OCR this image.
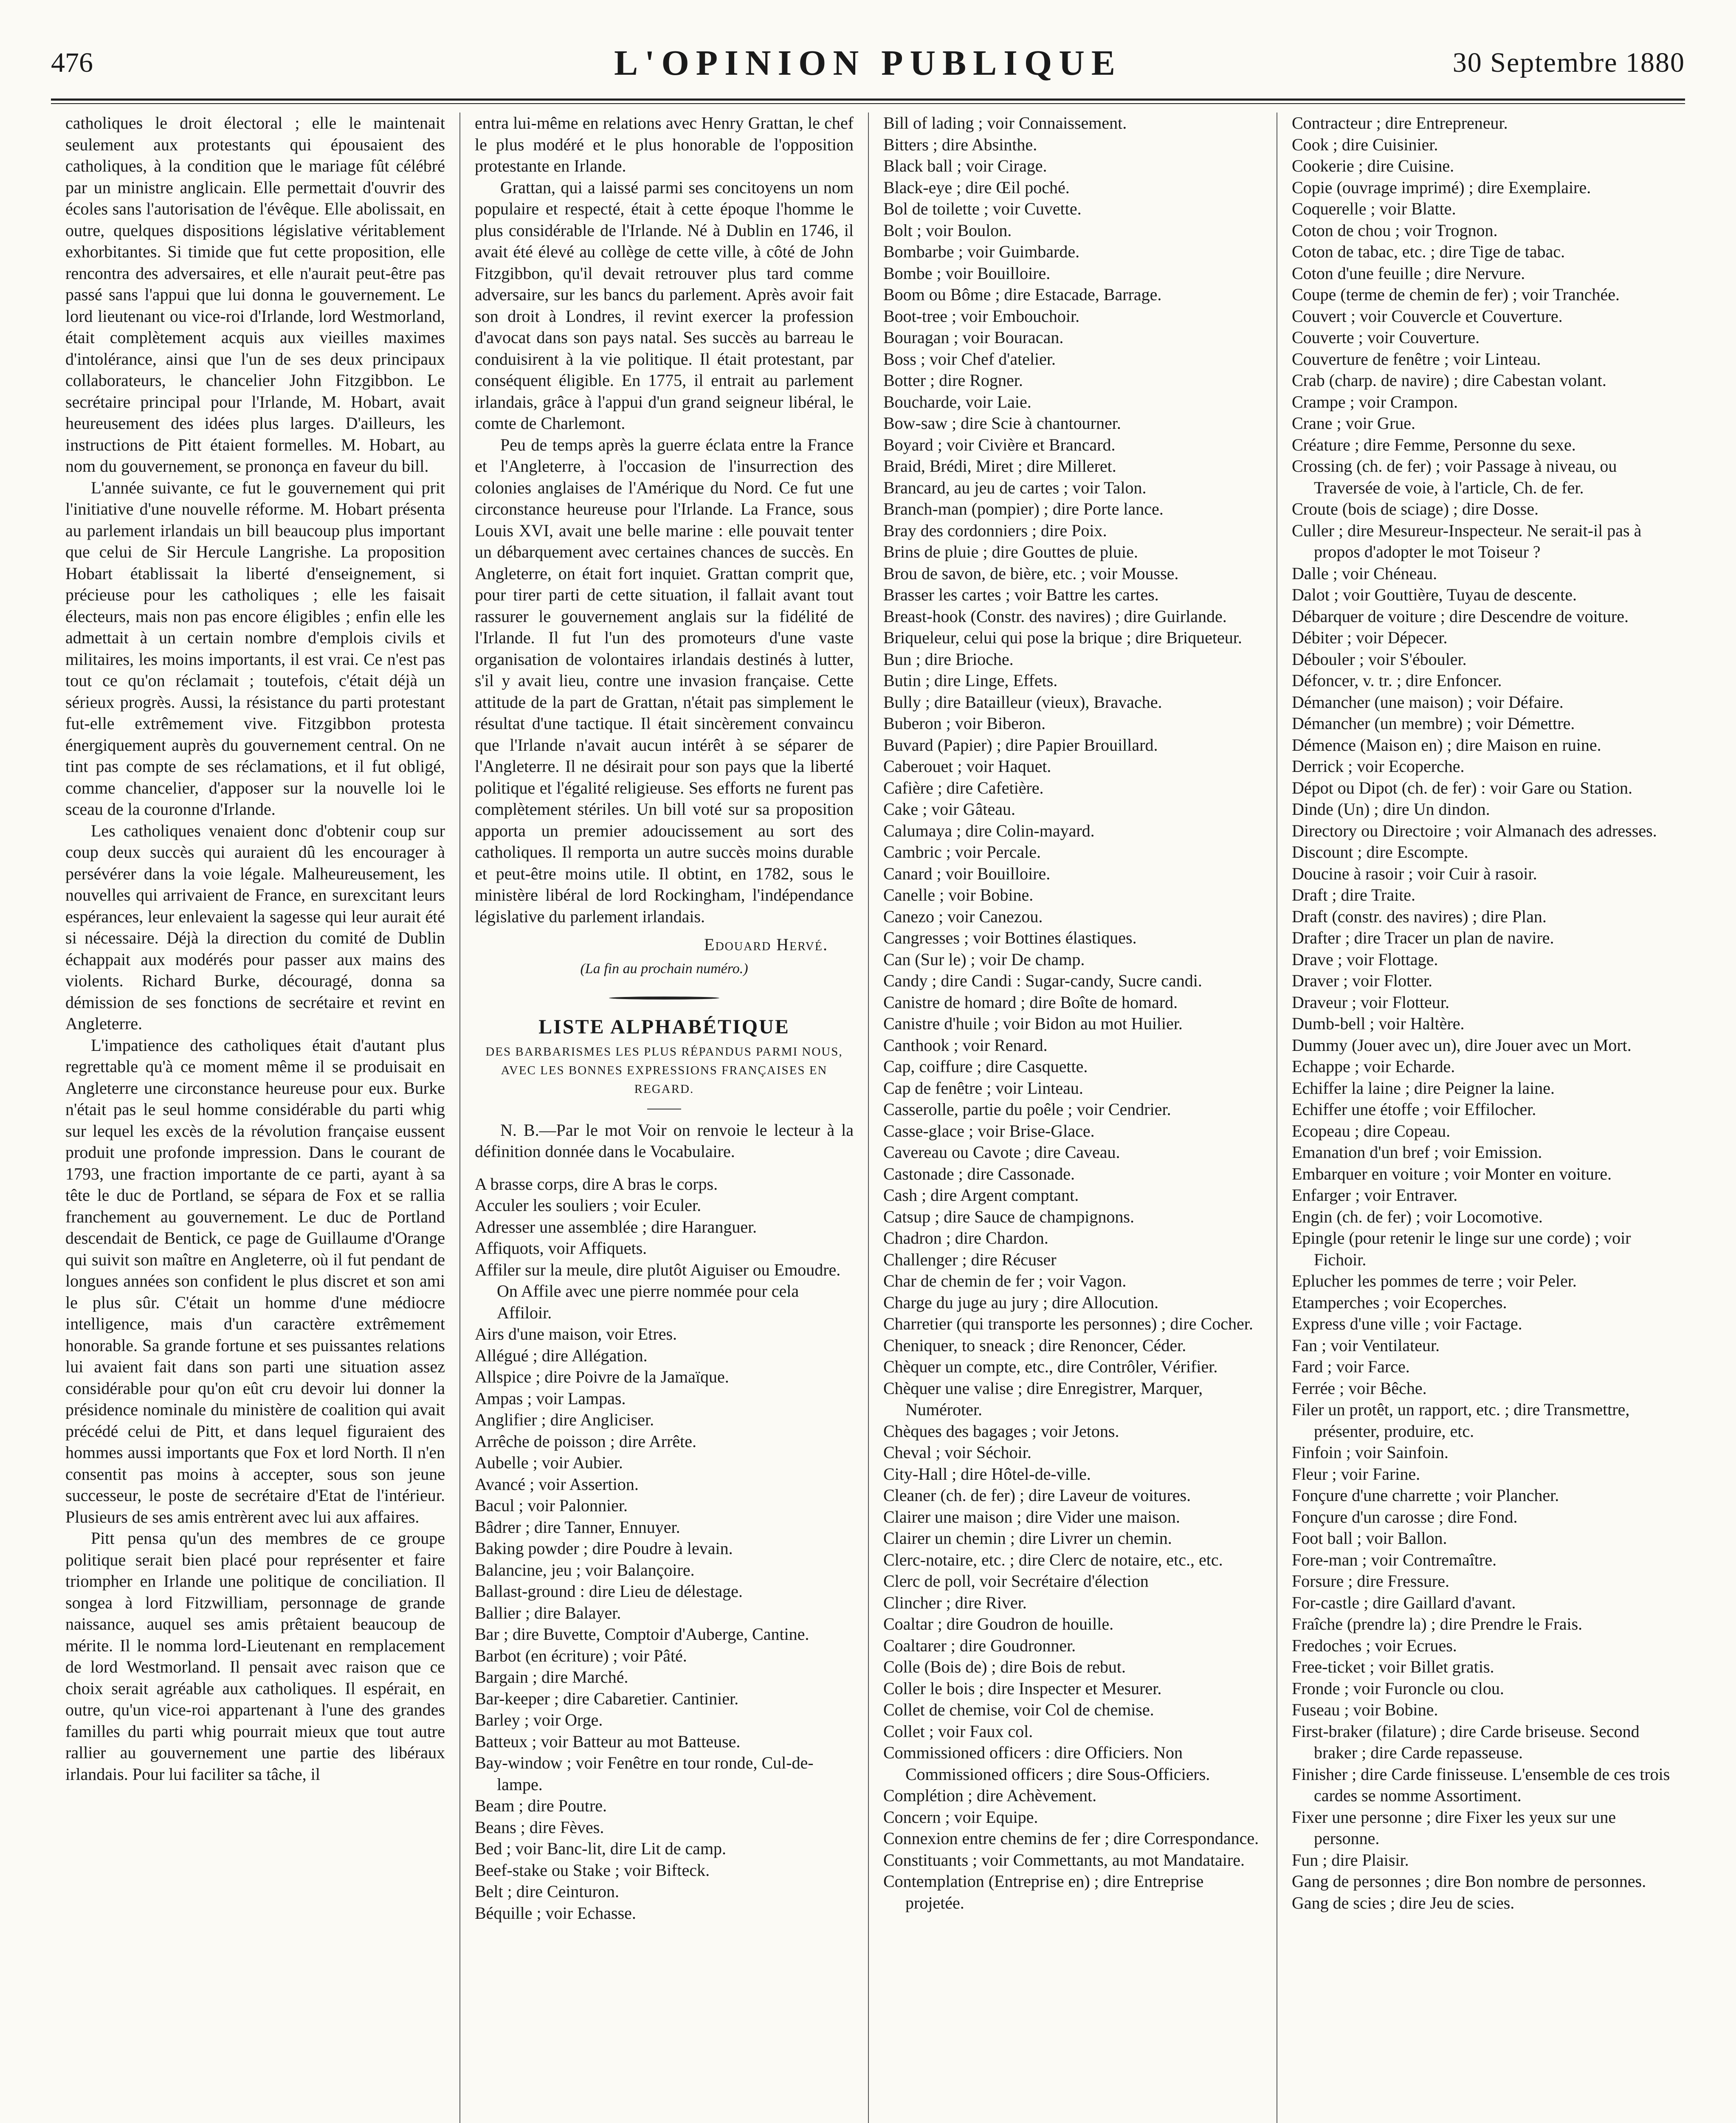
476	L'OPINION PUBLIQUE	30 Septembre 1880

catholiques le droit électoral ; elle le maintenait seulement aux protestants qui épousaient des catholiques, à la condition que le mariage fût célébré par un ministre anglicain. Elle permettait d'ouvrir des écoles sans l'autorisation de l'évêque. Elle abolissait, en outre, quelques dispositions législative véritablement exhorbitantes. Si timide que fut cette proposition, elle rencontra des adversaires, et elle n'aurait peut-être pas passé sans l'appui que lui donna le gouvernement. Le lord lieutenant ou vice-roi d'Irlande, lord Westmorland, était complètement acquis aux vieilles maximes d'intolérance, ainsi que l'un de ses deux principaux collaborateurs, le chancelier John Fitzgibbon. Le secrétaire principal pour l'Irlande, M. Hobart, avait heureusement des idées plus larges. D'ailleurs, les instructions de Pitt étaient formelles. M. Hobart, au nom du gouvernement, se prononça en faveur du bill.

L'année suivante, ce fut le gouvernement qui prit l'initiative d'une nouvelle réforme. M. Hobart présenta au parlement irlandais un bill beaucoup plus important que celui de Sir Hercule Langrishe. La proposition Hobart établissait la liberté d'enseignement, si précieuse pour les catholiques ; elle les faisait électeurs, mais non pas encore éligibles ; enfin elle les admettait à un certain nombre d'emplois civils et militaires, les moins importants, il est vrai. Ce n'est pas tout ce qu'on réclamait ; toutefois, c'était déjà un sérieux progrès. Aussi, la résistance du parti protestant fut-elle extrêmement vive. Fitzgibbon protesta énergiquement auprès du gouvernement central. On ne tint pas compte de ses réclamations, et il fut obligé, comme chancelier, d'apposer sur la nouvelle loi le sceau de la couronne d'Irlande.

Les catholiques venaient donc d'obtenir coup sur coup deux succès qui auraient dû les encourager à persévérer dans la voie légale. Malheureusement, les nouvelles qui arrivaient de France, en surexcitant leurs espérances, leur enlevaient la sagesse qui leur aurait été si nécessaire. Déjà la direction du comité de Dublin échappait aux modérés pour passer aux mains des violents. Richard Burke, découragé, donna sa démission de ses fonctions de secrétaire et revint en Angleterre.

L'impatience des catholiques était d'autant plus regrettable qu'à ce moment même il se produisait en Angleterre une circonstance heureuse pour eux. Burke n'était pas le seul homme considérable du parti whig sur lequel les excès de la révolution française eussent produit une profonde impression. Dans le courant de 1793, une fraction importante de ce parti, ayant à sa tête le duc de Portland, se sépara de Fox et se rallia franchement au gouvernement. Le duc de Portland descendait de Bentick, ce page de Guillaume d'Orange qui suivit son maître en Angleterre, où il fut pendant de longues années son confident le plus discret et son ami le plus sûr. C'était un homme d'une médiocre intelligence, mais d'un caractère extrêmement honorable. Sa grande fortune et ses puissantes relations lui avaient fait dans son parti une situation assez considérable pour qu'on eût cru devoir lui donner la présidence nominale du ministère de coalition qui avait précédé celui de Pitt, et dans lequel figuraient des hommes aussi importants que Fox et lord North. Il n'en consentit pas moins à accepter, sous son jeune successeur, le poste de secrétaire d'Etat de l'intérieur. Plusieurs de ses amis entrèrent avec lui aux affaires.

Pitt pensa qu'un des membres de ce groupe politique serait bien placé pour représenter et faire triompher en Irlande une politique de conciliation. Il songea à lord Fitzwilliam, personnage de grande naissance, auquel ses amis prêtaient beaucoup de mérite. Il le nomma lord-Lieutenant en remplacement de lord Westmorland. Il pensait avec raison que ce choix serait agréable aux catholiques. Il espérait, en outre, qu'un vice-roi appartenant à l'une des grandes familles du parti whig pourrait mieux que tout autre rallier au gouvernement une partie des libéraux irlandais. Pour lui faciliter sa tâche, il

entra lui-même en relations avec Henry Grattan, le chef le plus modéré et le plus honorable de l'opposition protestante en Irlande.

Grattan, qui a laissé parmi ses concitoyens un nom populaire et respecté, était à cette époque l'homme le plus considérable de l'Irlande. Né à Dublin en 1746, il avait été élevé au collège de cette ville, à côté de John Fitzgibbon, qu'il devait retrouver plus tard comme adversaire, sur les bancs du parlement. Après avoir fait son droit à Londres, il revint exercer la profession d'avocat dans son pays natal. Ses succès au barreau le conduisirent à la vie politique. Il était protestant, par conséquent éligible. En 1775, il entrait au parlement irlandais, grâce à l'appui d'un grand seigneur libéral, le comte de Charlemont.

Peu de temps après la guerre éclata entre la France et l'Angleterre, à l'occasion de l'insurrection des colonies anglaises de l'Amérique du Nord. Ce fut une circonstance heureuse pour l'Irlande. La France, sous Louis XVI, avait une belle marine : elle pouvait tenter un débarquement avec certaines chances de succès. En Angleterre, on était fort inquiet. Grattan comprit que, pour tirer parti de cette situation, il fallait avant tout rassurer le gouvernement anglais sur la fidélité de l'Irlande. Il fut l'un des promoteurs d'une vaste organisation de volontaires irlandais destinés à lutter, s'il y avait lieu, contre une invasion française. Cette attitude de la part de Grattan, n'était pas simplement le résultat d'une tactique. Il était sincèrement convaincu que l'Irlande n'avait aucun intérêt à se séparer de l'Angleterre. Il ne désirait pour son pays que la liberté politique et l'égalité religieuse. Ses efforts ne furent pas complètement stériles. Un bill voté sur sa proposition apporta un premier adoucissement au sort des catholiques. Il remporta un autre succès moins durable et peut-être moins utile. Il obtint, en 1782, sous le ministère libéral de lord Rockingham, l'indépendance législative du parlement irlandais.

Edouard Hervé.
(La fin au prochain numéro.)
LISTE ALPHABÉTIQUE
DES BARBARISMES LES PLUS RÉPANDUS PARMI NOUS, AVEC LES BONNES EXPRESSIONS FRANÇAISES EN REGARD.

N. B.—Par le mot Voir on renvoie le lecteur à la définition donnée dans le Vocabulaire.

A brasse corps, dire A bras le corps.
Acculer les souliers ; voir Eculer.
Adresser une assemblée ; dire Haranguer.
Affiquots, voir Affiquets.
Affiler sur la meule, dire plutôt Aiguiser ou Emoudre. On Affile avec une pierre nommée pour cela Affiloir.
Airs d'une maison, voir Etres.
Allégué ; dire Allégation.
Allspice ; dire Poivre de la Jamaïque.
Ampas ; voir Lampas.
Anglifier ; dire Angliciser.
Arrêche de poisson ; dire Arrête.
Aubelle ; voir Aubier.
Avancé ; voir Assertion.
Bacul ; voir Palonnier.
Bâdrer ; dire Tanner, Ennuyer.
Baking powder ; dire Poudre à levain.
Balancine, jeu ; voir Balançoire.
Ballast-ground : dire Lieu de délestage.
Ballier ; dire Balayer.
Bar ; dire Buvette, Comptoir d'Auberge, Cantine.
Barbot (en écriture) ; voir Pâté.
Bargain ; dire Marché.
Bar-keeper ; dire Cabaretier. Cantinier.
Barley ; voir Orge.
Batteux ; voir Batteur au mot Batteuse.
Bay-window ; voir Fenêtre en tour ronde, Cul-de-lampe.
Beam ; dire Poutre.
Beans ; dire Fèves.
Bed ; voir Banc-lit, dire Lit de camp.
Beef-stake ou Stake ; voir Bifteck.
Belt ; dire Ceinturon.
Béquille ; voir Echasse.
Bill of lading ; voir Connaissement.
Bitters ; dire Absinthe.
Black ball ; voir Cirage.
Black-eye ; dire Œil poché.
Bol de toilette ; voir Cuvette.
Bolt ; voir Boulon.
Bombarbe ; voir Guimbarde.
Bombe ; voir Bouilloire.
Boom ou Bôme ; dire Estacade, Barrage.
Boot-tree ; voir Embouchoir.
Bouragan ; voir Bouracan.
Boss ; voir Chef d'atelier.
Botter ; dire Rogner.
Boucharde, voir Laie.
Bow-saw ; dire Scie à chantourner.
Boyard ; voir Civière et Brancard.
Braid, Brédi, Miret ; dire Milleret.
Brancard, au jeu de cartes ; voir Talon.
Branch-man (pompier) ; dire Porte lance.
Bray des cordonniers ; dire Poix.
Brins de pluie ; dire Gouttes de pluie.
Brou de savon, de bière, etc. ; voir Mousse.
Brasser les cartes ; voir Battre les cartes.
Breast-hook (Constr. des navires) ; dire Guirlande.
Briqueleur, celui qui pose la brique ; dire Briqueteur.
Bun ; dire Brioche.
Butin ; dire Linge, Effets.
Bully ; dire Batailleur (vieux), Bravache.
Buberon ; voir Biberon.
Buvard (Papier) ; dire Papier Brouillard.
Caberouet ; voir Haquet.
Cafière ; dire Cafetière.
Cake ; voir Gâteau.
Calumaya ; dire Colin-mayard.
Cambric ; voir Percale.
Canard ; voir Bouilloire.
Canelle ; voir Bobine.
Canezo ; voir Canezou.
Cangresses ; voir Bottines élastiques.
Can (Sur le) ; voir De champ.
Candy ; dire Candi : Sugar-candy, Sucre candi.
Canistre de homard ; dire Boîte de homard.
Canistre d'huile ; voir Bidon au mot Huilier.
Canthook ; voir Renard.
Cap, coiffure ; dire Casquette.
Cap de fenêtre ; voir Linteau.
Casserolle, partie du poêle ; voir Cendrier.
Casse-glace ; voir Brise-Glace.
Cavereau ou Cavote ; dire Caveau.
Castonade ; dire Cassonade.
Cash ; dire Argent comptant.
Catsup ; dire Sauce de champignons.
Chadron ; dire Chardon.
Challenger ; dire Récuser
Char de chemin de fer ; voir Vagon.
Charge du juge au jury ; dire Allocution.
Charretier (qui transporte les personnes) ; dire Cocher.
Cheniquer, to sneack ; dire Renoncer, Céder.
Chèquer un compte, etc., dire Contrôler, Vérifier.
Chèquer une valise ; dire Enregistrer, Marquer, Numéroter.
Chèques des bagages ; voir Jetons.
Cheval ; voir Séchoir.
City-Hall ; dire Hôtel-de-ville.
Cleaner (ch. de fer) ; dire Laveur de voitures.
Clairer une maison ; dire Vider une maison.
Clairer un chemin ; dire Livrer un chemin.
Clerc-notaire, etc. ; dire Clerc de notaire, etc., etc.
Clerc de poll, voir Secrétaire d'élection
Clincher ; dire River.
Coaltar ; dire Goudron de houille.
Coaltarer ; dire Goudronner.
Colle (Bois de) ; dire Bois de rebut.
Coller le bois ; dire Inspecter et Mesurer.
Collet de chemise, voir Col de chemise.
Collet ; voir Faux col.
Commissioned officers : dire Officiers. Non Commissioned officers ; dire Sous-Officiers.
Complétion ; dire Achèvement.
Concern ; voir Equipe.
Connexion entre chemins de fer ; dire Correspondance.
Constituants ; voir Commettants, au mot Mandataire.
Contemplation (Entreprise en) ; dire Entreprise projetée.
Contracteur ; dire Entrepreneur.
Cook ; dire Cuisinier.
Cookerie ; dire Cuisine.
Copie (ouvrage imprimé) ; dire Exemplaire.
Coquerelle ; voir Blatte.
Coton de chou ; voir Trognon.
Coton de tabac, etc. ; dire Tige de tabac.
Coton d'une feuille ; dire Nervure.
Coupe (terme de chemin de fer) ; voir Tranchée.
Couvert ; voir Couvercle et Couverture.
Couverte ; voir Couverture.
Couverture de fenêtre ; voir Linteau.
Crab (charp. de navire) ; dire Cabestan volant.
Crampe ; voir Crampon.
Crane ; voir Grue.
Créature ; dire Femme, Personne du sexe.
Crossing (ch. de fer) ; voir Passage à niveau, ou Traversée de voie, à l'article, Ch. de fer.
Croute (bois de sciage) ; dire Dosse.
Culler ; dire Mesureur-Inspecteur. Ne serait-il pas à propos d'adopter le mot Toiseur ?
Dalle ; voir Chéneau.
Dalot ; voir Gouttière, Tuyau de descente.
Débarquer de voiture ; dire Descendre de voiture.
Débiter ; voir Dépecer.
Débouler ; voir S'ébouler.
Défoncer, v. tr. ; dire Enfoncer.
Démancher (une maison) ; voir Défaire.
Démancher (un membre) ; voir Démettre.
Démence (Maison en) ; dire Maison en ruine.
Derrick ; voir Ecoperche.
Dépot ou Dipot (ch. de fer) : voir Gare ou Station.
Dinde (Un) ; dire Un dindon.
Directory ou Directoire ; voir Almanach des adresses.
Discount ; dire Escompte.
Doucine à rasoir ; voir Cuir à rasoir.
Draft ; dire Traite.
Draft (constr. des navires) ; dire Plan.
Drafter ; dire Tracer un plan de navire.
Drave ; voir Flottage.
Draver ; voir Flotter.
Draveur ; voir Flotteur.
Dumb-bell ; voir Haltère.
Dummy (Jouer avec un), dire Jouer avec un Mort.
Echappe ; voir Echarde.
Echiffer la laine ; dire Peigner la laine.
Echiffer une étoffe ; voir Effilocher.
Ecopeau ; dire Copeau.
Emanation d'un bref ; voir Emission.
Embarquer en voiture ; voir Monter en voiture.
Enfarger ; voir Entraver.
Engin (ch. de fer) ; voir Locomotive.
Epingle (pour retenir le linge sur une corde) ; voir Fichoir.
Eplucher les pommes de terre ; voir Peler.
Etamperches ; voir Ecoperches.
Express d'une ville ; voir Factage.
Fan ; voir Ventilateur.
Fard ; voir Farce.
Ferrée ; voir Bêche.
Filer un protêt, un rapport, etc. ; dire Transmettre, présenter, produire, etc.
Finfoin ; voir Sainfoin.
Fleur ; voir Farine.
Fonçure d'une charrette ; voir Plancher.
Fonçure d'un carosse ; dire Fond.
Foot ball ; voir Ballon.
Fore-man ; voir Contremaître.
Forsure ; dire Fressure.
For-castle ; dire Gaillard d'avant.
Fraîche (prendre la) ; dire Prendre le Frais.
Fredoches ; voir Ecrues.
Free-ticket ; voir Billet gratis.
Fronde ; voir Furoncle ou clou.
Fuseau ; voir Bobine.
First-braker (filature) ; dire Carde briseuse. Second braker ; dire Carde repasseuse.
Finisher ; dire Carde finisseuse. L'ensemble de ces trois cardes se nomme Assortiment.
Fixer une personne ; dire Fixer les yeux sur une personne.
Fun ; dire Plaisir.
Gang de personnes ; dire Bon nombre de personnes.
Gang de scies ; dire Jeu de scies.
